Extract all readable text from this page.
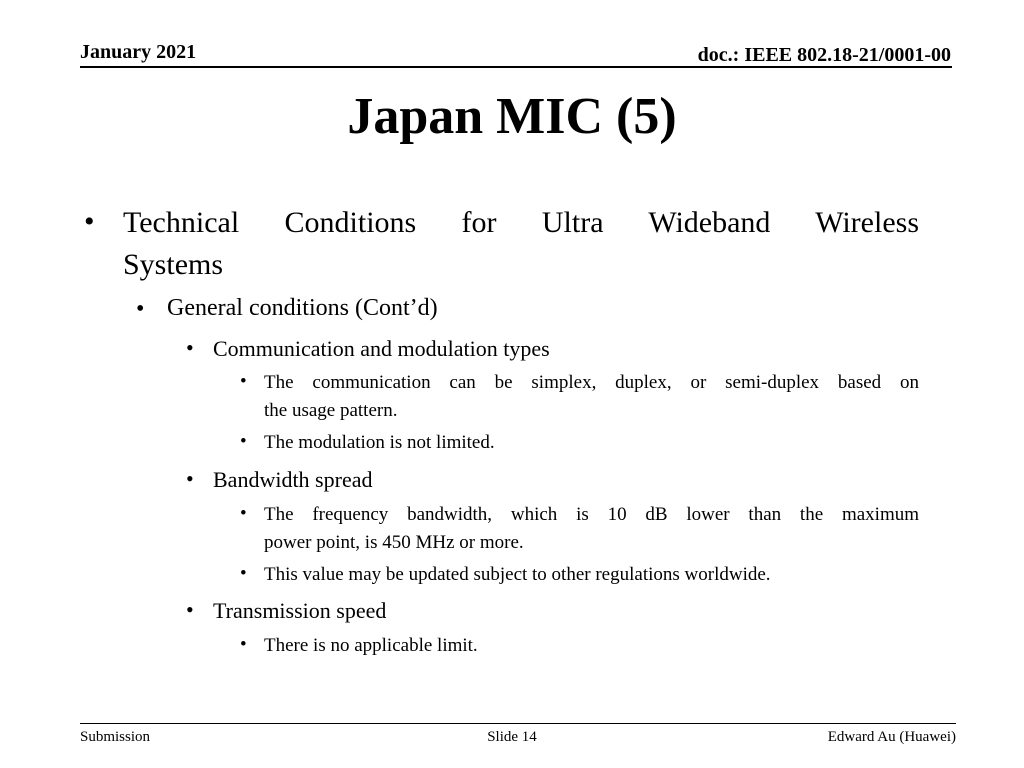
January 2021	doc.: IEEE 802.18-21/0001-00
Japan MIC (5)
• Technical Conditions for Ultra Wideband Wireless
Systems
• General conditions (Cont’d)
• Communication and modulation types
• The communication can be simplex, duplex, or semi-duplex based on
the usage pattern.
• The modulation is not limited.
• Bandwidth spread
• The frequency bandwidth, which is 10 dB lower than the maximum
power point, is 450 MHz or more.
• This value may be updated subject to other regulations worldwide.
• Transmission speed
• There is no applicable limit.
Submission	Slide 14	Edward Au (Huawei)
